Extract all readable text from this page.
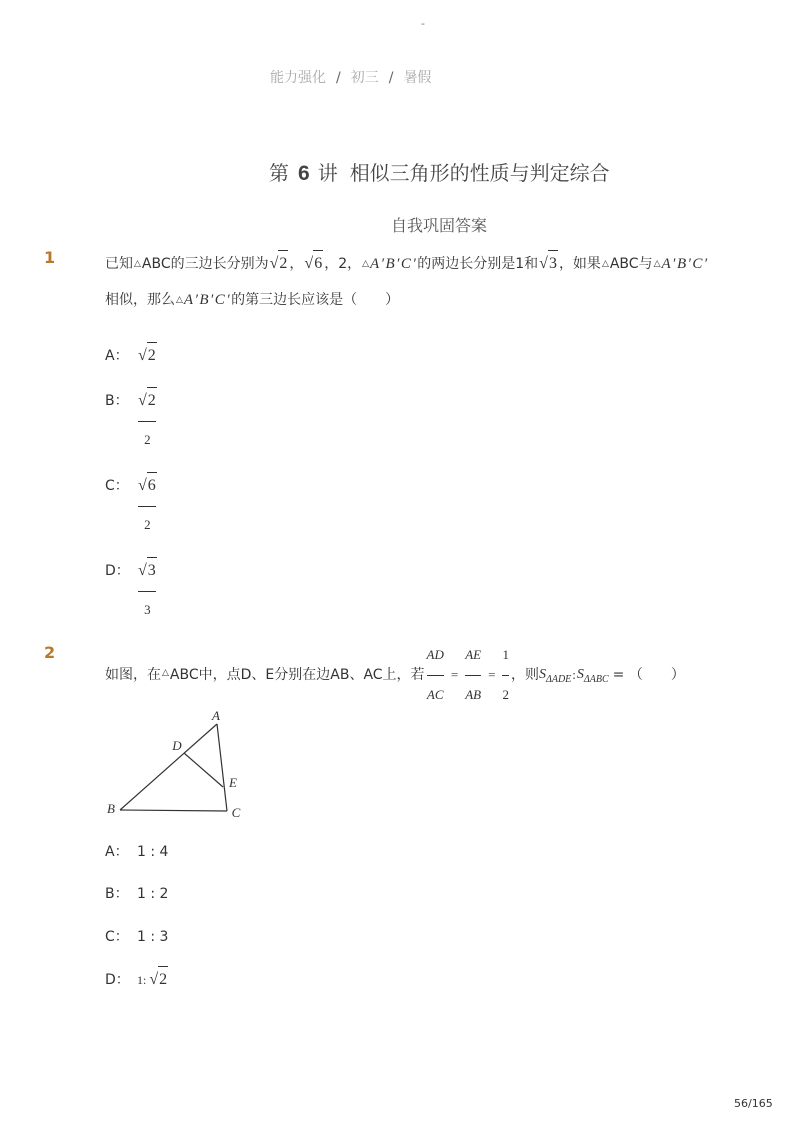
-
能力强化 / 初三 / 暑假
第 6 讲 相似三角形的性质与判定综合
自我巩固答案
1	已知 △ ABC的三边长分别为 √ 2 ， √ 6 ，2， △ A′B′C′ 的两边长分别是1和 √ 3 ，如果 △ ABC与 △ A′B′C′
相似，那么 △ A′B′C′ 的第三边长应该是（　　）
A： √ 2
B： √ 2
2
C： √ 6
2
D： √ 3
3
2
如图，在 △ ABC中，点D、E分别在边AB、AC上，若
AD
AC
=
AE
AB
=
1
2
，则 S ΔADE : S ΔABC = （　　）
A
B	C
D
E
A： 1 : 4
B： 1 : 2
C： 1 : 3
D： 1: √ 2
56/165
